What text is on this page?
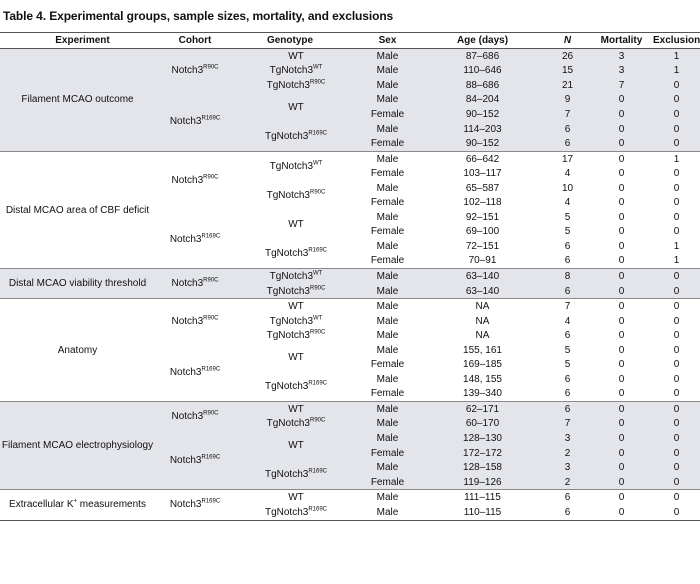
Table 4. Experimental groups, sample sizes, mortality, and exclusions
Experiment	Cohort	Genotype	Sex	Age (days)	N	Mortality	Exclusion
Filament MCAO outcome	$Notch3^{R90C}$	WT	Male	87–686	26	3	1
		$TgNotch3^{WT}$	Male	110–646	15	3	1
		$TgNotch3^{R90C}$	Male	88–686	21	7	0
	$Notch3^{R169C}$	WT	Male	84–204	9	0	0
			Female	90–152	7	0	0
		$TgNotch3^{R169C}$	Male	114–203	6	0	0
			Female	90–152	6	0	0
Distal MCAO area of CBF deficit	$Notch3^{R90C}$	$TgNotch3^{WT}$	Male	66–642	17	0	1
			Female	103–117	4	0	0
		$TgNotch3^{R90C}$	Male	65–587	10	0	0
			Female	102–118	4	0	0
	$Notch3^{R169C}$	WT	Male	92–151	5	0	0
			Female	69–100	5	0	0
		$TgNotch3^{R169C}$	Male	72–151	6	0	1
			Female	70–91	6	0	1
Distal MCAO viability threshold	$Notch3^{R90C}$	$TgNotch3^{WT}$	Male	63–140	8	0	0
		$TgNotch3^{R90C}$	Male	63–140	6	0	0
Anatomy	$Notch3^{R90C}$	WT	Male	NA	7	0	0
		$TgNotch3^{WT}$	Male	NA	4	0	0
		$TgNotch3^{R90C}$	Male	NA	6	0	0
	$Notch3^{R169C}$	WT	Male	155, 161	5	0	0
			Female	169–185	5	0	0
		$TgNotch3^{R169C}$	Male	148, 155	6	0	0
			Female	139–340	6	0	0
Filament MCAO electrophysiology	$Notch3^{R90C}$	WT	Male	62–171	6	0	0
		$TgNotch3^{R90C}$	Male	60–170	7	0	0
	$Notch3^{R169C}$	WT	Male	128–130	3	0	0
			Female	172–172	2	0	0
		$TgNotch3^{R169C}$	Male	128–158	3	0	0
			Female	119–126	2	0	0
Extracellular K+ measurements	$Notch3^{R169C}$	WT	Male	111–115	6	0	0
		$TgNotch3^{R169C}$	Male	110–115	6	0	0
